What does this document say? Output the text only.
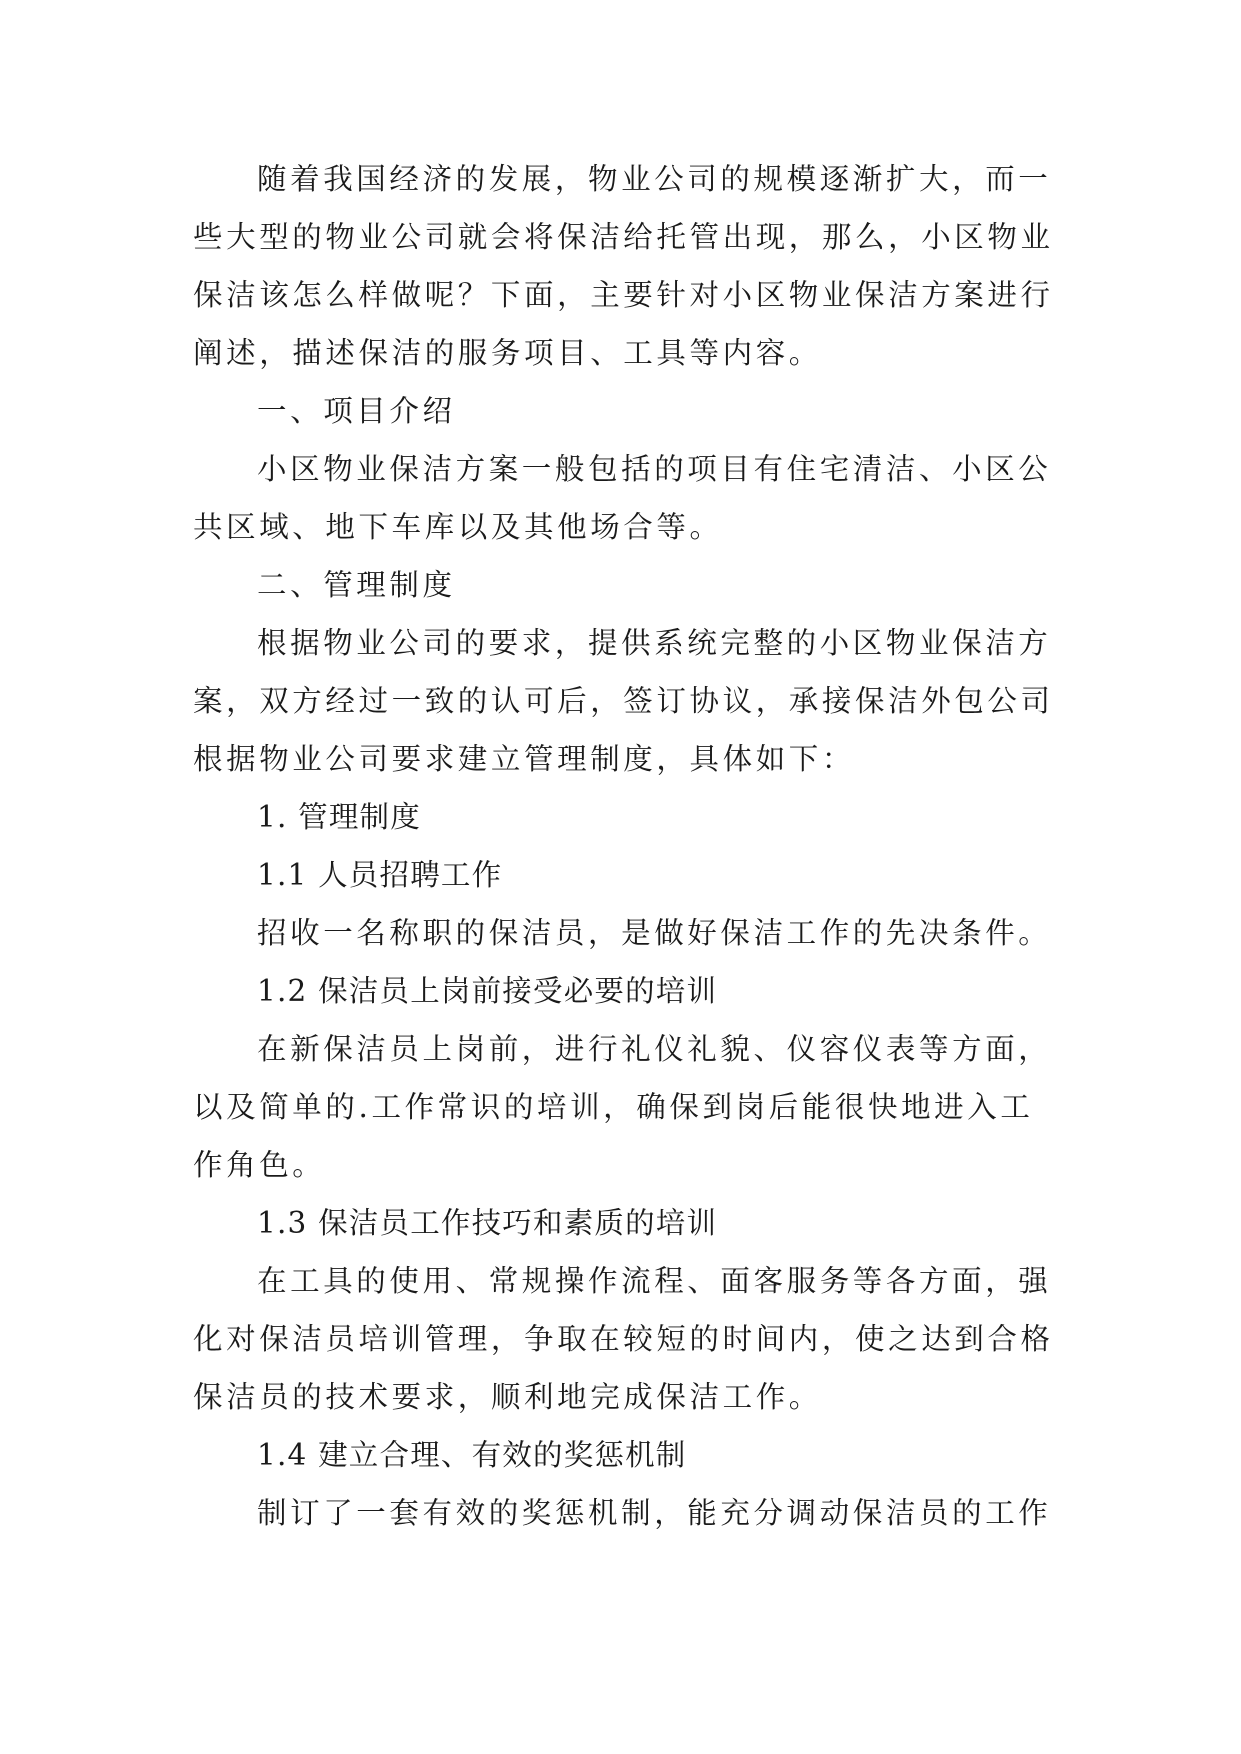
随着我国经济的发展，物业公司的规模逐渐扩大，而一
些大型的物业公司就会将保洁给托管出现，那么，小区物业
保洁该怎么样做呢？下面，主要针对小区物业保洁方案进行
阐述，描述保洁的服务项目、工具等内容。
一、项目介绍
小区物业保洁方案一般包括的项目有住宅清洁、小区公
共区域、地下车库以及其他场合等。
二、管理制度
根据物业公司的要求，提供系统完整的小区物业保洁方
案，双方经过一致的认可后，签订协议，承接保洁外包公司
根据物业公司要求建立管理制度，具体如下：
1. 管理制度
1.1 人员招聘工作
招收一名称职的保洁员，是做好保洁工作的先决条件。
1.2 保洁员上岗前接受必要的培训
在新保洁员上岗前，进行礼仪礼貌、仪容仪表等方面，
以及简单的.工作常识的培训，确保到岗后能很快地进入工
作角色。
1.3 保洁员工作技巧和素质的培训
在工具的使用、常规操作流程、面客服务等各方面，强
化对保洁员培训管理，争取在较短的时间内，使之达到合格
保洁员的技术要求，顺利地完成保洁工作。
1.4 建立合理、有效的奖惩机制
制订了一套有效的奖惩机制，能充分调动保洁员的工作
